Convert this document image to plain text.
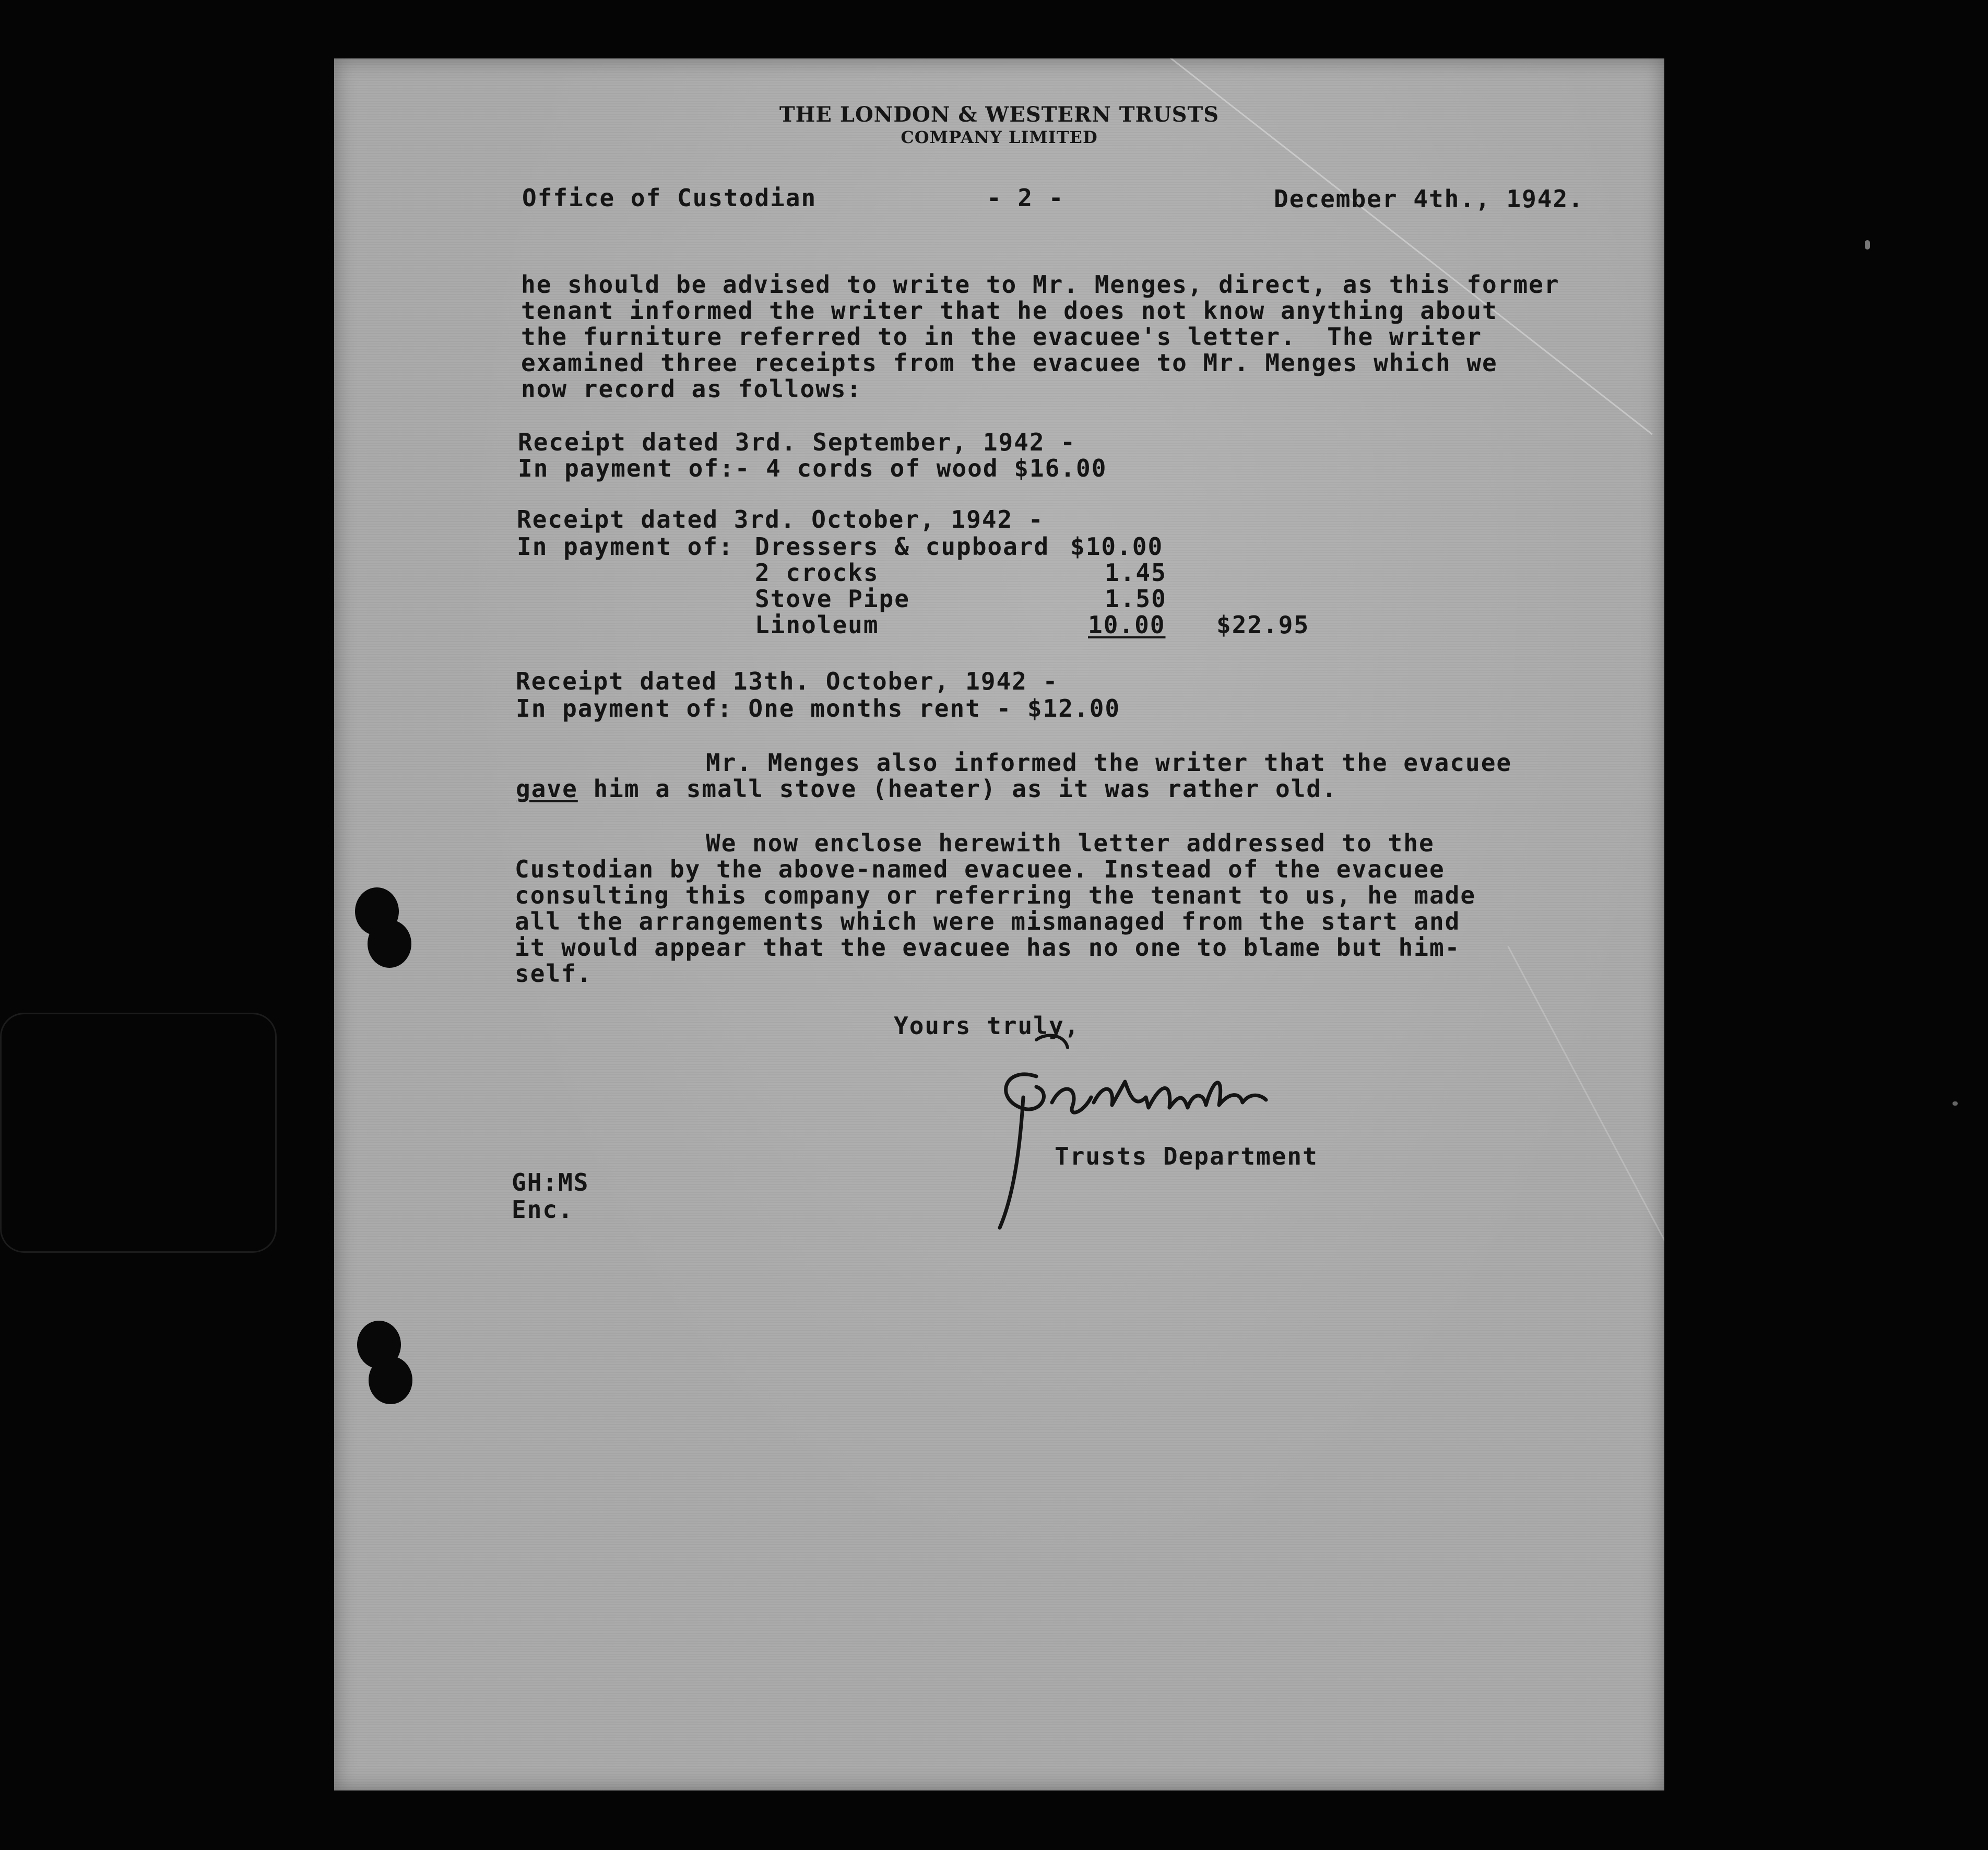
THE LONDON & WESTERN TRUSTS
COMPANY LIMITED
Office of Custodian	- 2 -	December 4th., 1942.
he should be advised to write to Mr. Menges, direct, as this former
tenant informed the writer that he does not know anything about
the furniture referred to in the evacuee's letter.  The writer
examined three receipts from the evacuee to Mr. Menges which we
now record as follows:
Receipt dated 3rd. September, 1942 -
In payment of:- 4 cords of wood $16.00
Receipt dated 3rd. October, 1942 -
In payment of: Dressers & cupboard $10.00
2 crocks	1.45
Stove Pipe	1.50
Linoleum	10.00 $22.95
Receipt dated 13th. October, 1942 -
In payment of: One months rent - $12.00
Mr. Menges also informed the writer that the evacuee
gave him a small stove (heater) as it was rather old.
We now enclose herewith letter addressed to the
Custodian by the above-named evacuee. Instead of the evacuee
consulting this company or referring the tenant to us, he made
all the arrangements which were mismanaged from the start and
it would appear that the evacuee has no one to blame but him-
self.
Yours truly,
Trusts Department
GH:MS
Enc.
